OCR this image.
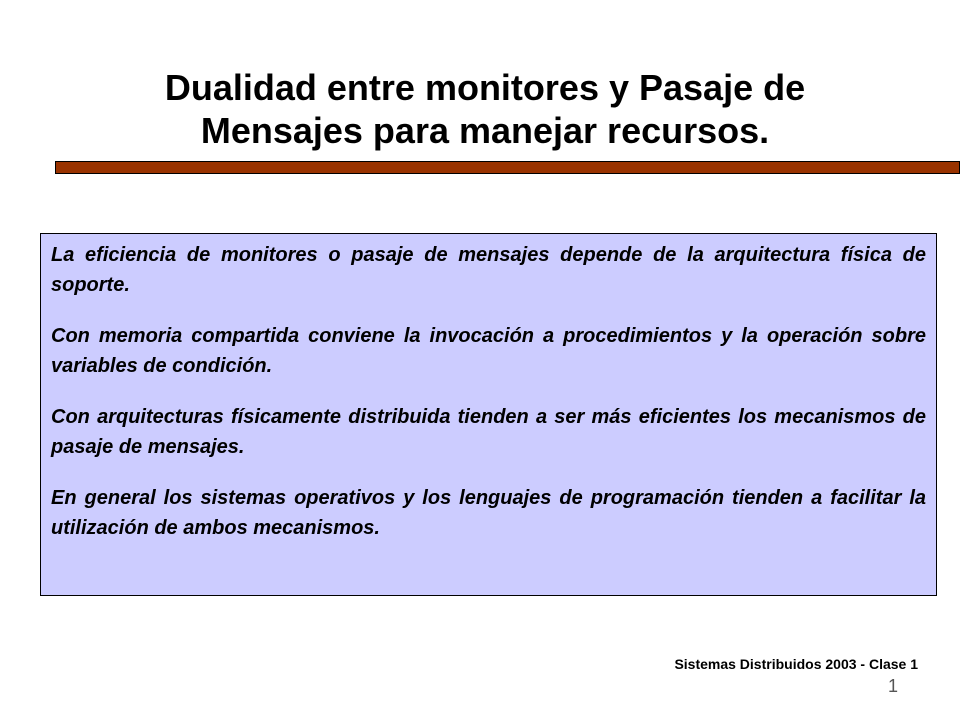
Dualidad entre monitores y Pasaje de
Mensajes para manejar recursos.

La eficiencia de monitores o pasaje de mensajes depende de la arquitectura física de soporte.

Con memoria compartida conviene la invocación a procedimientos y la operación sobre variables de condición.

Con arquitecturas físicamente distribuida tienden a ser más eficientes los mecanismos de pasaje de mensajes.

En general los sistemas operativos y los lenguajes de programación tienden a facilitar la utilización de ambos mecanismos.

Sistemas Distribuidos 2003 - Clase 1
1
